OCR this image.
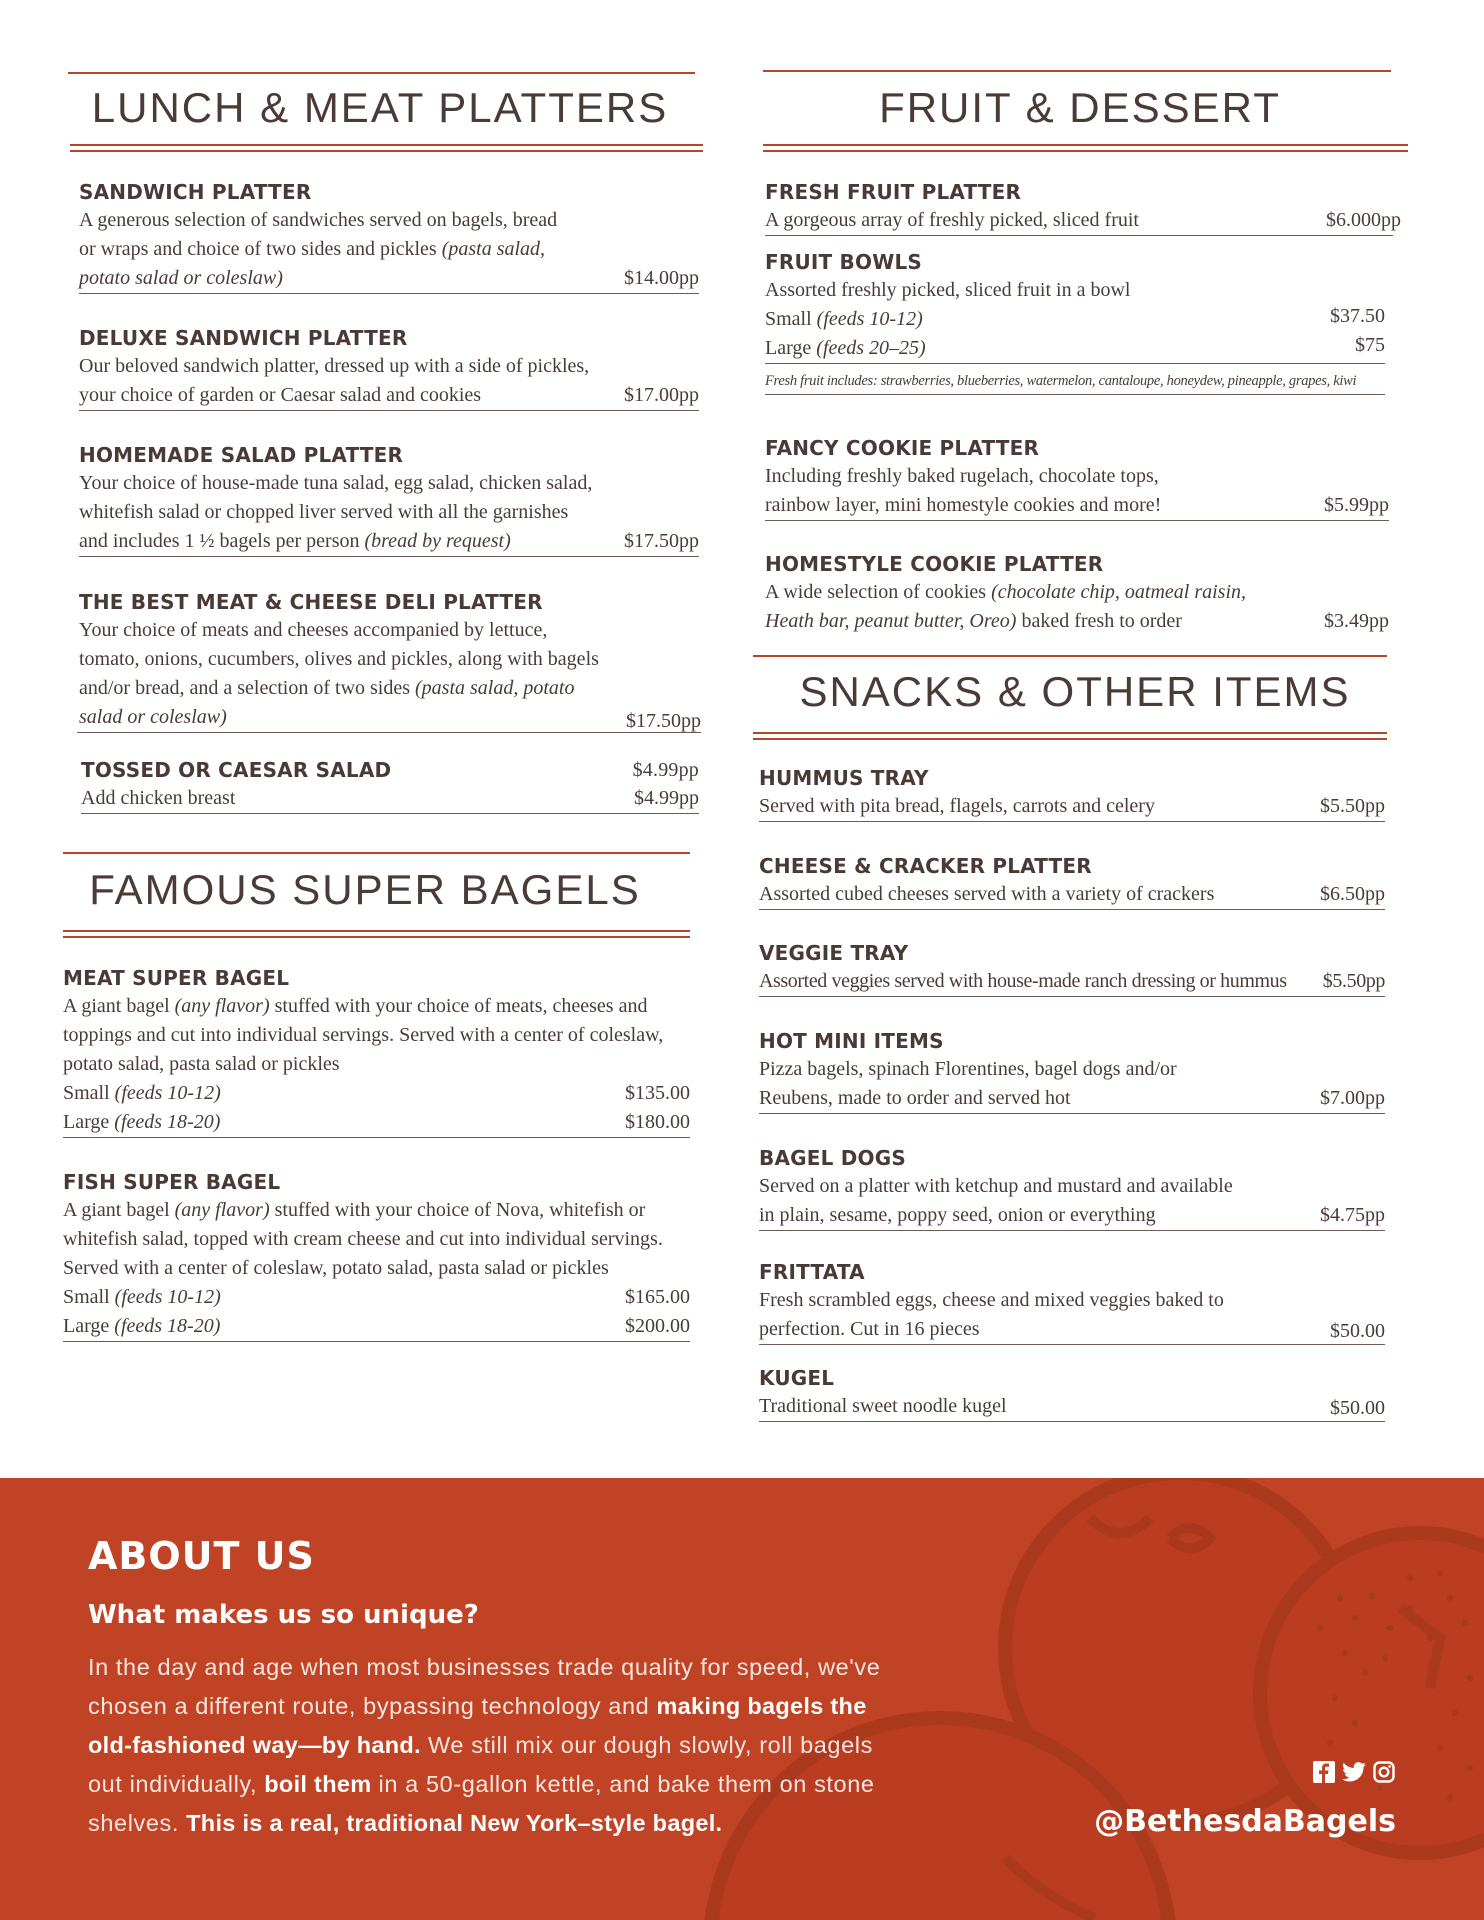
LUNCH & MEAT PLATTERS
SANDWICH PLATTER
A generous selection of sandwiches served on bagels, bread
or wraps and choice of two sides and pickles (pasta salad,
potato salad or coleslaw)	$14.00pp
DELUXE SANDWICH PLATTER
Our beloved sandwich platter, dressed up with a side of pickles,
your choice of garden or Caesar salad and cookies	$17.00pp
HOMEMADE SALAD PLATTER
Your choice of house-made tuna salad, egg salad, chicken salad,
whitefish salad or chopped liver served with all the garnishes
and includes 1 ½ bagels per person (bread by request)	$17.50pp
THE BEST MEAT & CHEESE DELI PLATTER
Your choice of meats and cheeses accompanied by lettuce,
tomato, onions, cucumbers, olives and pickles, along with bagels
and/or bread, and a selection of two sides (pasta salad, potato
salad or coleslaw)	$17.50pp
TOSSED OR CAESAR SALAD	$4.99pp
Add chicken breast	$4.99pp
FAMOUS SUPER BAGELS
MEAT SUPER BAGEL
A giant bagel (any flavor) stuffed with your choice of meats, cheeses and
toppings and cut into individual servings. Served with a center of coleslaw,
potato salad, pasta salad or pickles
Small (feeds 10-12)	$135.00
Large (feeds 18-20)	$180.00
FISH SUPER BAGEL
A giant bagel (any flavor) stuffed with your choice of Nova, whitefish or
whitefish salad, topped with cream cheese and cut into individual servings.
Served with a center of coleslaw, potato salad, pasta salad or pickles
Small (feeds 10-12)	$165.00
Large (feeds 18-20)	$200.00
FRUIT & DESSERT
FRESH FRUIT PLATTER
A gorgeous array of freshly picked, sliced fruit	$6.000pp
FRUIT BOWLS
Assorted freshly picked, sliced fruit in a bowl
Small (feeds 10-12)	$37.50
Large (feeds 20–25)	$75
Fresh fruit includes: strawberries, blueberries, watermelon, cantaloupe, honeydew, pineapple, grapes, kiwi
FANCY COOKIE PLATTER
Including freshly baked rugelach, chocolate tops,
rainbow layer, mini homestyle cookies and more!	$5.99pp
HOMESTYLE COOKIE PLATTER
A wide selection of cookies (chocolate chip, oatmeal raisin,
Heath bar, peanut butter, Oreo) baked fresh to order	$3.49pp
SNACKS & OTHER ITEMS
HUMMUS TRAY
Served with pita bread, flagels, carrots and celery	$5.50pp
CHEESE & CRACKER PLATTER
Assorted cubed cheeses served with a variety of crackers	$6.50pp
VEGGIE TRAY
Assorted veggies served with house-made ranch dressing or hummus $5.50pp
HOT MINI ITEMS
Pizza bagels, spinach Florentines, bagel dogs and/or
Reubens, made to order and served hot	$7.00pp
BAGEL DOGS
Served on a platter with ketchup and mustard and available
in plain, sesame, poppy seed, onion or everything	$4.75pp
FRITTATA
Fresh scrambled eggs, cheese and mixed veggies baked to
perfection. Cut in 16 pieces	$50.00
KUGEL
Traditional sweet noodle kugel	$50.00
ABOUT US
What makes us so unique?
In the day and age when most businesses trade quality for speed, we've
chosen a different route, bypassing technology and making bagels the
old-fashioned way—by hand. We still mix our dough slowly, roll bagels
out individually, boil them in a 50-gallon kettle, and bake them on stone
shelves. This is a real, traditional New York–style bagel.	@BethesdaBagels
